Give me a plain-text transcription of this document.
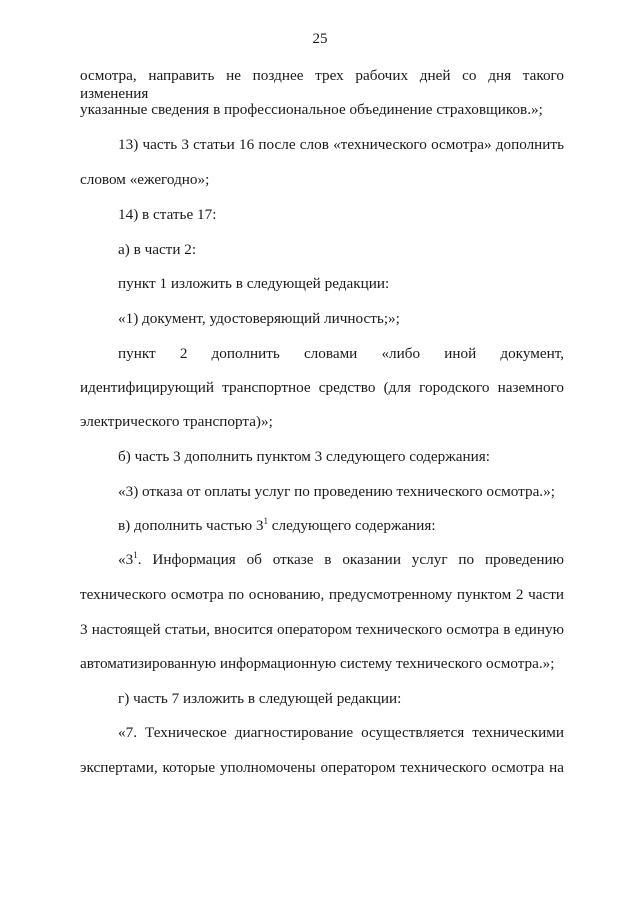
25
осмотра, направить не позднее трех рабочих дней со дня такого изменения
указанные сведения в профессиональное объединение страховщиков.»;
13) часть 3 статьи 16 после слов «технического осмотра» дополнить
словом «ежегодно»;
14) в статье 17:
а) в части 2:
пункт 1 изложить в следующей редакции:
«1) документ, удостоверяющий личность;»;
пункт 2 дополнить словами «либо иной документ,
идентифицирующий транспортное средство (для городского наземного
электрического транспорта)»;
б) часть 3 дополнить пунктом 3 следующего содержания:
«3) отказа от оплаты услуг по проведению технического осмотра.»;
в) дополнить частью $3^1$ следующего содержания:
«$3^1$. Информация об отказе в оказании услуг по проведению
технического осмотра по основанию, предусмотренному пунктом 2 части
3 настоящей статьи, вносится оператором технического осмотра в единую
автоматизированную информационную систему технического осмотра.»;
г) часть 7 изложить в следующей редакции:
«7. Техническое диагностирование осуществляется техническими
экспертами, которые уполномочены оператором технического осмотра на
